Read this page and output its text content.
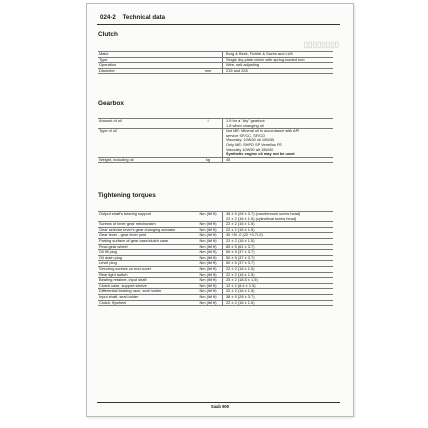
024-2 Technical data
▯▯▯▯▯▯▯▯
Clutch
Make	Borg & Beck, Fichtel & Sachs and LUK
Type	Single dry-plate clutch with spring-loaded hub
Operation	Wire, self-adjusting
Diameter	mm	215 and 228
Gearbox
Amount of oil	l	1.9 for a "dry" gearbox
1.8 when changing oil
Type of oil	Not ME: Mineral oil in accordance with API
service SF/CC, SF/CD
Viscosity: 10W30 oil 10W40
Only ME: SHPD SP Venellus FE
Viscosity 10W30 alt 15W40
Synthetic engine oil may not be used
Weight, including oil	kg	45
Tightening torques
Output shaft's bearing support	Nm (lbf ft)	38 ± 5 (28 ± 3.7) (countersunk screw head)
22 ± 2 (16 ± 1.5) (cylindrical screw head)
Screws of inner gear mechanism	Nm (lbf ft)	22 ± 2 (16 ± 1.5)
Gear selector lever's gear changing actuator	Nm (lbf ft)	22 ± 2 (16 ± 1.5)
Gear lever - gear lever joint	Nm (lbf ft)	30 +5/ -0 (22 +3.7/-0)
Parting surface of gear case/clutch case	Nm (lbf ft)	22 ± 2 (16 ± 1.5)
Final gear wheel	Nm (lbf ft)	85 ± 5 (61 ± 3.7)
Oil fill plug	Nm (lbf ft)	50 ± 5 (37 ± 3.7)
Oil drain plug	Nm (lbf ft)	50 ± 5 (37 ± 3.7)
Level plug	Nm (lbf ft)	50 ± 5 (37 ± 3.7)
Securing screws on end cover	Nm (lbf ft)	22 ± 2 (16 ± 1.5)
Rear light switch	Nm (lbf ft)	22 ± 2 (16 ± 1.5)
Bearing retainer, input shaft	Nm (lbf ft)	25 ± 2 (18.5 ± 1.5)
Clutch case, support sleeve	Nm (lbf ft)	12 ± 2 (8.4 ± 1.5)
Differential bearing race, seal holder	Nm (lbf ft)	22 ± 2 (16 ± 1.5)
Input shaft, seal holder	Nm (lbf ft)	38 ± 5 (28 ± 3.7)
Clutch, flywheel	Nm (lbf ft)	22 ± 2 (16 ± 1.5)
Saab 900
